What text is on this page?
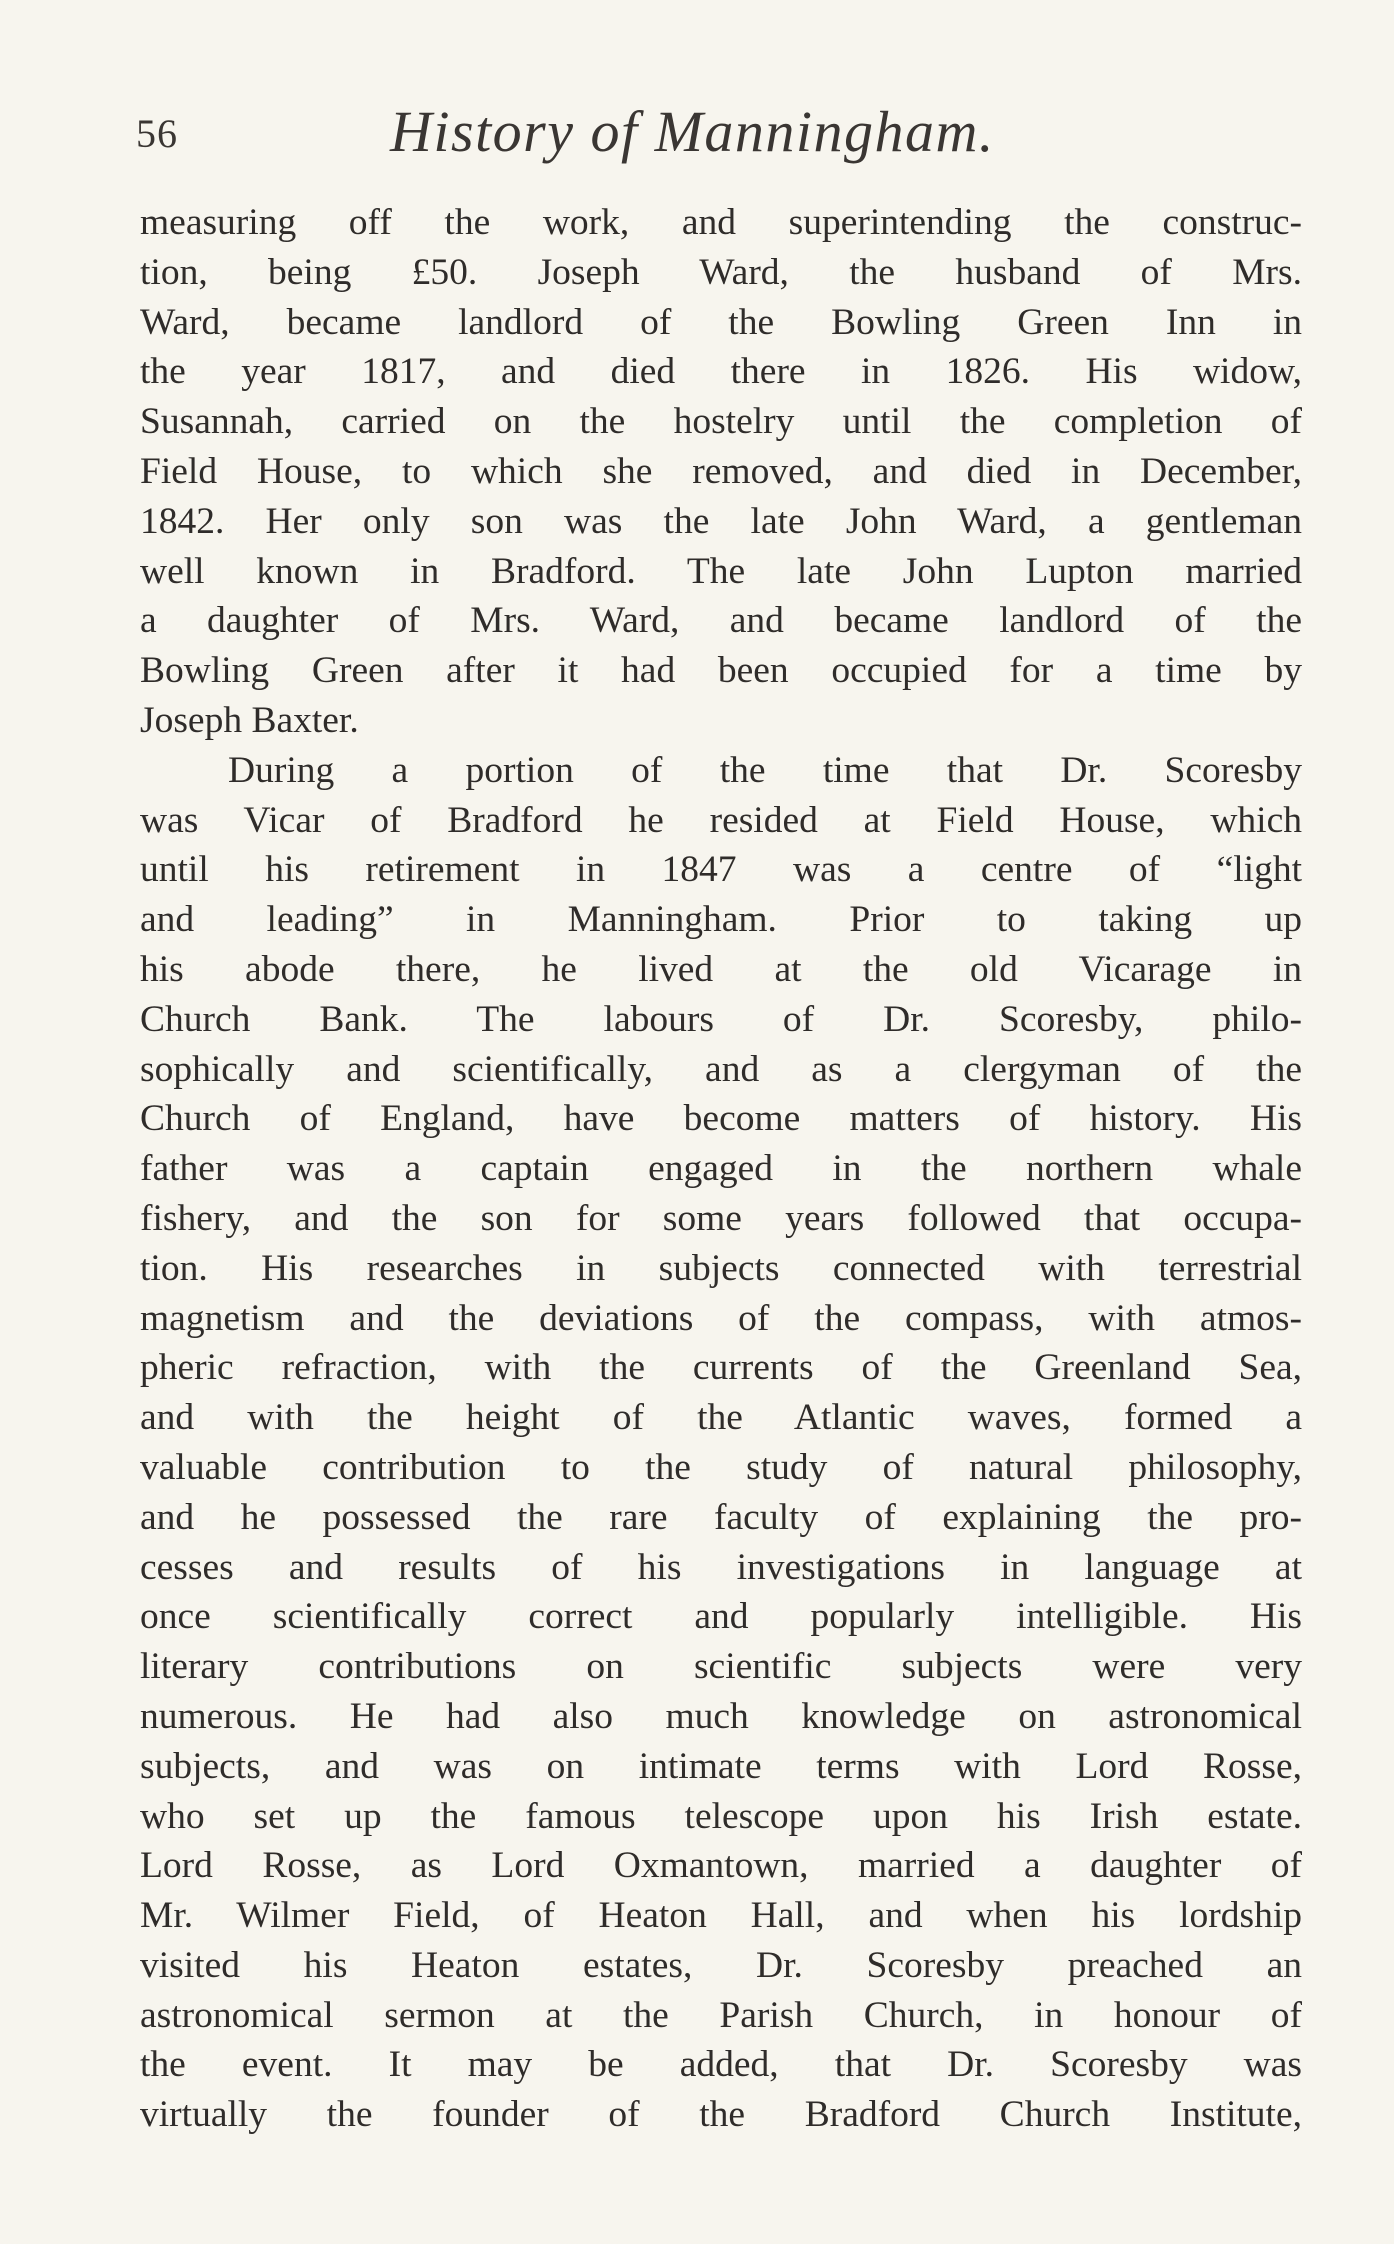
56	History of Manningham.
measuring off the work, and superintending the construc-
tion, being £50. Joseph Ward, the husband of Mrs.
Ward, became landlord of the Bowling Green Inn in
the year 1817, and died there in 1826. His widow,
Susannah, carried on the hostelry until the completion of
Field House, to which she removed, and died in December,
1842. Her only son was the late John Ward, a gentleman
well known in Bradford. The late John Lupton married
a daughter of Mrs. Ward, and became landlord of the
Bowling Green after it had been occupied for a time by
Joseph Baxter.
During a portion of the time that Dr. Scoresby
was Vicar of Bradford he resided at Field House, which
until his retirement in 1847 was a centre of “light
and leading” in Manningham. Prior to taking up
his abode there, he lived at the old Vicarage in
Church Bank. The labours of Dr. Scoresby, philo-
sophically and scientifically, and as a clergyman of the
Church of England, have become matters of history. His
father was a captain engaged in the northern whale
fishery, and the son for some years followed that occupa-
tion. His researches in subjects connected with terrestrial
magnetism and the deviations of the compass, with atmos-
pheric refraction, with the currents of the Greenland Sea,
and with the height of the Atlantic waves, formed a
valuable contribution to the study of natural philosophy,
and he possessed the rare faculty of explaining the pro-
cesses and results of his investigations in language at
once scientifically correct and popularly intelligible. His
literary contributions on scientific subjects were very
numerous. He had also much knowledge on astronomical
subjects, and was on intimate terms with Lord Rosse,
who set up the famous telescope upon his Irish estate.
Lord Rosse, as Lord Oxmantown, married a daughter of
Mr. Wilmer Field, of Heaton Hall, and when his lordship
visited his Heaton estates, Dr. Scoresby preached an
astronomical sermon at the Parish Church, in honour of
the event. It may be added, that Dr. Scoresby was
virtually the founder of the Bradford Church Institute,
